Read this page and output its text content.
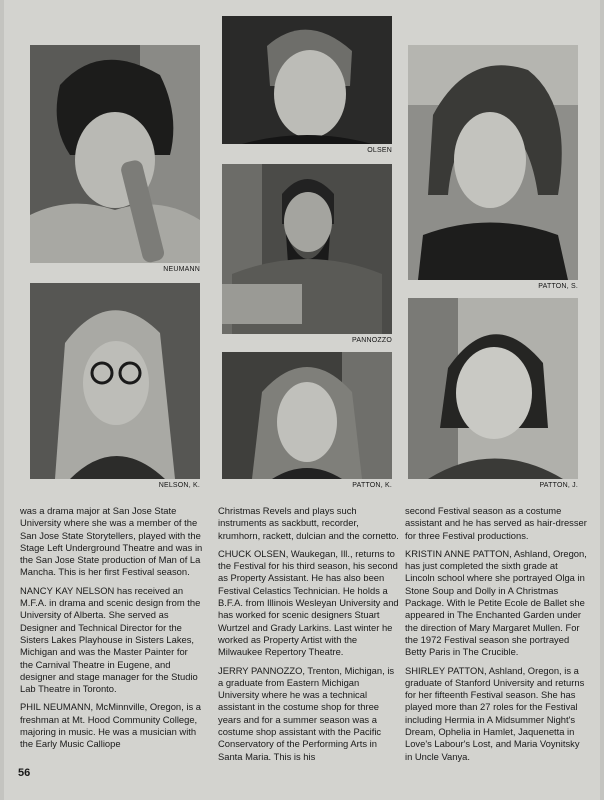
NEUMANN
OLSEN
PANNOZZO
PATTON, S.
NELSON, K.	PATTON, K.	PATTON, J.

was a drama major at San Jose State University where she was a member of the San Jose State Storytellers, played with the Stage Left Underground Theatre and was in the San Jose State production of Man of La Mancha. This is her first Festival season.

NANCY KAY NELSON has received an M.F.A. in drama and scenic design from the University of Alberta. She served as Designer and Technical Director for the Sisters Lakes Playhouse in Sisters Lakes, Michigan and was the Master Painter for the Carnival Theatre in Eugene, and designer and stage manager for the Studio Lab Theatre in Toronto.

PHIL NEUMANN, McMinnville, Oregon, is a freshman at Mt. Hood Community College, majoring in music. He was a musician with the Early Music Calliope

Christmas Revels and plays such instruments as sackbutt, recorder, krumhorn, rackett, dulcian and the cornetto.

CHUCK OLSEN, Waukegan, Ill., returns to the Festival for his third season, his second as Property Assistant. He has also been Festival Celastics Technician. He holds a B.F.A. from Illinois Wesleyan University and has worked for scenic designers Stuart Wurtzel and Grady Larkins. Last winter he worked as Property Artist with the Milwaukee Repertory Theatre.

JERRY PANNOZZO, Trenton, Michigan, is a graduate from Eastern Michigan University where he was a technical assistant in the costume shop for three years and for a summer season was a costume shop assistant with the Pacific Conservatory of the Performing Arts in Santa Maria. This is his

second Festival season as a costume assistant and he has served as hair-dresser for three Festival productions.

KRISTIN ANNE PATTON, Ashland, Oregon, has just completed the sixth grade at Lincoln school where she portrayed Olga in Stone Soup and Dolly in A Christmas Package. With le Petite Ecole de Ballet she appeared in The Enchanted Garden under the direction of Mary Margaret Mullen. For the 1972 Festival season she portrayed Betty Paris in The Crucible.

SHIRLEY PATTON, Ashland, Oregon, is a graduate of Stanford University and returns for her fifteenth Festival season. She has played more than 27 roles for the Festival including Hermia in A Midsummer Night's Dream, Ophelia in Hamlet, Jaquenetta in Love's Labour's Lost, and Maria Voynitsky in Uncle Vanya.

56
